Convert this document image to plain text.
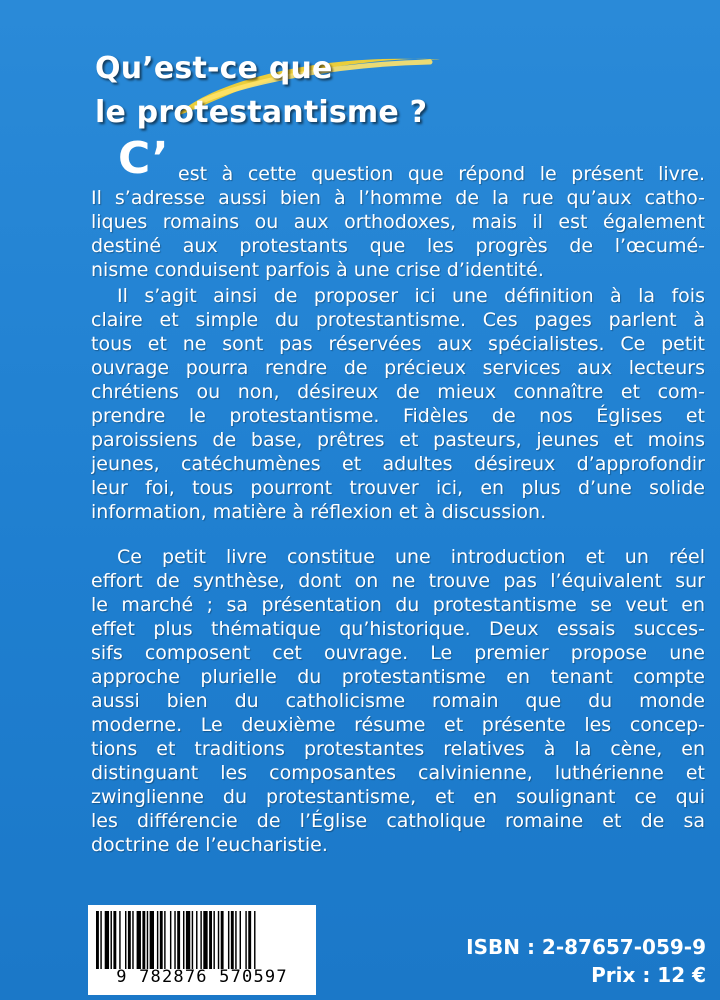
Qu’est-ce que
le protestantisme ?
C’ est à cette question que répond le présent livre.
Il s’adresse aussi bien à l’homme de la rue qu’aux catho-
liques romains ou aux orthodoxes, mais il est également
destiné aux protestants que les progrès de l’œcumé-
nisme conduisent parfois à une crise d’identité.
Il s’agit ainsi de proposer ici une définition à la fois
claire et simple du protestantisme. Ces pages parlent à
tous et ne sont pas réservées aux spécialistes. Ce petit
ouvrage pourra rendre de précieux services aux lecteurs
chrétiens ou non, désireux de mieux connaître et com-
prendre le protestantisme. Fidèles de nos Églises et
paroissiens de base, prêtres et pasteurs, jeunes et moins
jeunes, catéchumènes et adultes désireux d’approfondir
leur foi, tous pourront trouver ici, en plus d’une solide
information, matière à réflexion et à discussion.
Ce petit livre constitue une introduction et un réel
effort de synthèse, dont on ne trouve pas l’équivalent sur
le marché ; sa présentation du protestantisme se veut en
effet plus thématique qu’historique. Deux essais succes-
sifs composent cet ouvrage. Le premier propose une
approche plurielle du protestantisme en tenant compte
aussi bien du catholicisme romain que du monde
moderne. Le deuxième résume et présente les concep-
tions et traditions protestantes relatives à la cène, en
distinguant les composantes calvinienne, luthérienne et
zwinglienne du protestantisme, et en soulignant ce qui
les différencie de l’Église catholique romaine et de sa
doctrine de l’eucharistie.
9 782876 570597
ISBN : 2-87657-059-9
Prix : 12 €
